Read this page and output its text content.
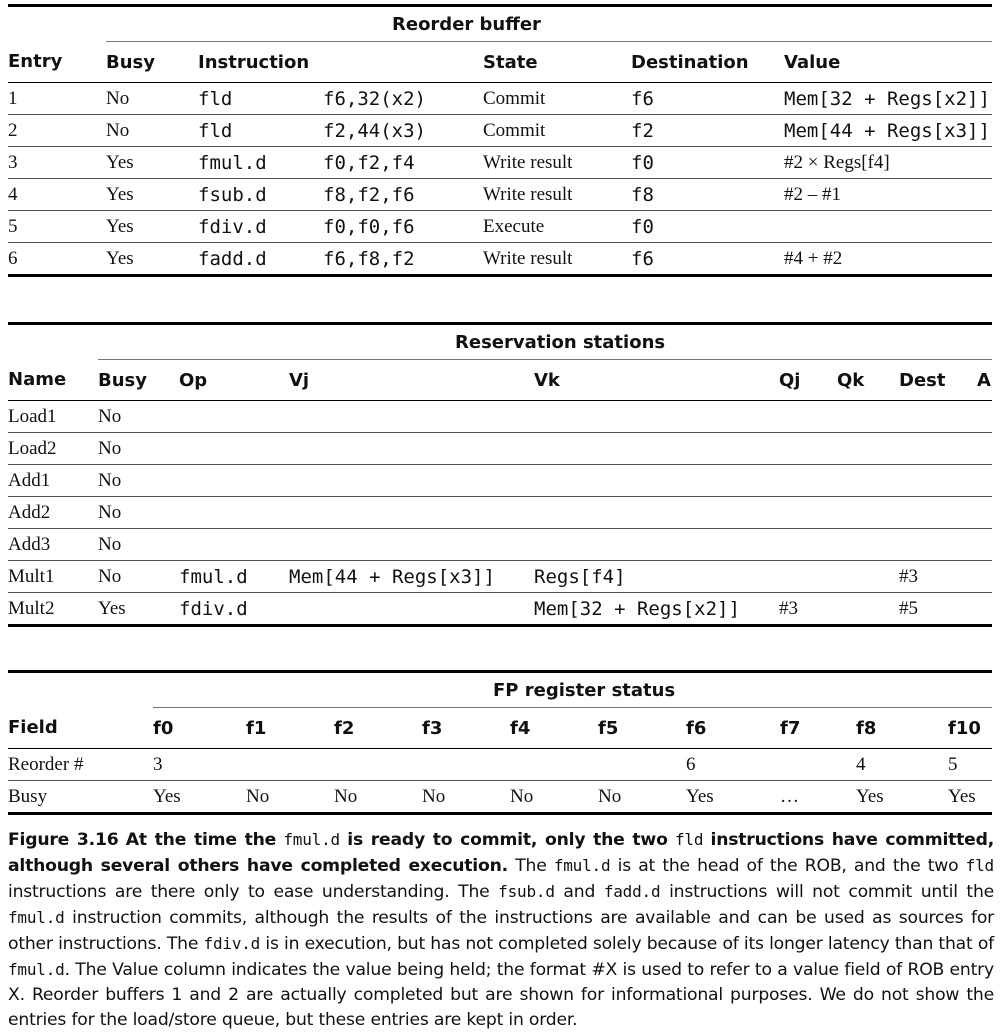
	Reorder buffer					
Entry	Busy	Instruction		State	Destination	Value
1	No	fld	f6,32(x2)	Commit	f6	Mem[32 + Regs[x2]]
2	No	fld	f2,44(x3)	Commit	f2	Mem[44 + Regs[x3]]
3	Yes	fmul.d	f0,f2,f4	Write result	f0	#2 × Regs[f4]
4	Yes	fsub.d	f8,f2,f6	Write result	f8	#2 – #1
5	Yes	fdiv.d	f0,f0,f6	Execute	f0	
6	Yes	fadd.d	f6,f8,f2	Write result	f6	#4 + #2
	Reservation stations							
Name	Busy	Op	Vj	Vk	Qj	Qk	Dest	A
Load1	No							
Load2	No							
Add1	No							
Add2	No							
Add3	No							
Mult1	No	fmul.d	Mem[44 + Regs[x3]]	Regs[f4]			#3	
Mult2	Yes	fdiv.d		Mem[32 + Regs[x2]]	#3		#5	
	FP register status									
Field	f0	f1	f2	f3	f4	f5	f6	f7	f8	f10
Reorder #	3						6		4	5
Busy	Yes	No	No	No	No	No	Yes	…	Yes	Yes
Figure 3.16 At the time the fmul.d is ready to commit, only the two fld instructions have committed, although several others have completed execution. The fmul.d is at the head of the ROB, and the two fld instructions are there only to ease understanding. The fsub.d and fadd.d instructions will not commit until the fmul.d instruction commits, although the results of the instructions are available and can be used as sources for other instructions. The fdiv.d is in execution, but has not completed solely because of its longer latency than that of fmul.d. The Value column indicates the value being held; the format #X is used to refer to a value field of ROB entry X. Reorder buffers 1 and 2 are actually completed but are shown for informational purposes. We do not show the entries for the load/store queue, but these entries are kept in order.
